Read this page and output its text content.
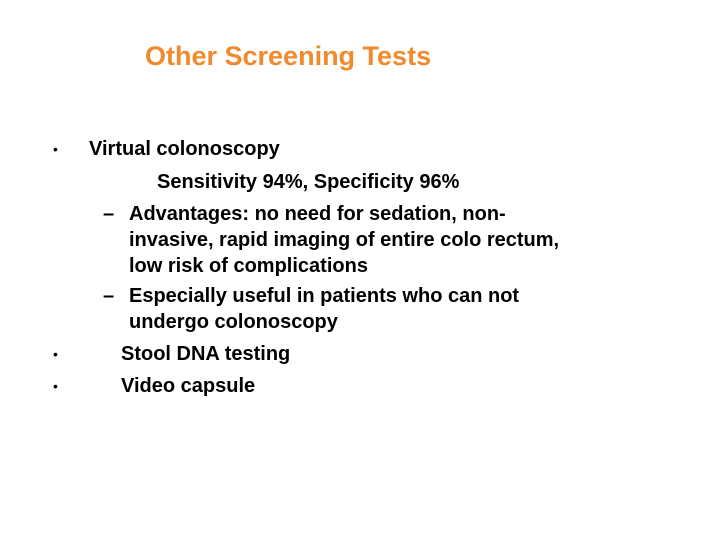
Other Screening Tests
• Virtual colonoscopy
Sensitivity 94%, Specificity 96%
– Advantages: no need for sedation, non-
invasive, rapid imaging of entire colo rectum,
low risk of complications
– Especially useful in patients who can not
undergo colonoscopy
•	Stool DNA testing
•	Video capsule
